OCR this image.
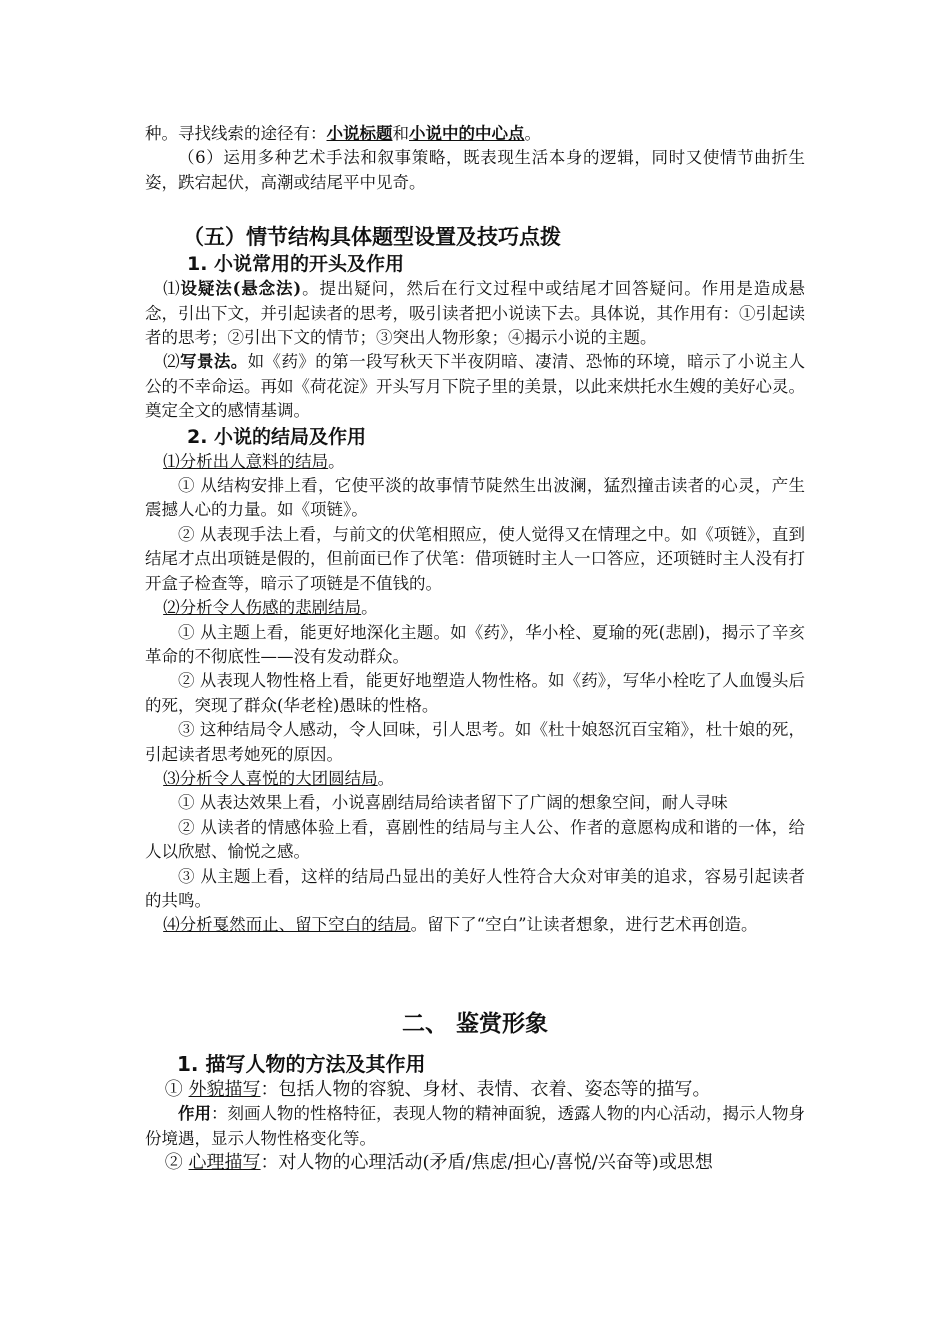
种。寻找线索的途径有：小说标题和小说中的中心点。

（6）运用多种艺术手法和叙事策略，既表现生活本身的逻辑，同时又使情节曲折生姿，跌宕起伏，高潮或结尾平中见奇。

（五）情节结构具体题型设置及技巧点拨
1. 小说常用的开头及作用

⑴设疑法(悬念法)。提出疑问，然后在行文过程中或结尾才回答疑问。作用是造成悬念，引出下文，并引起读者的思考，吸引读者把小说读下去。具体说，其作用有：①引起读者的思考；②引出下文的情节；③突出人物形象；④揭示小说的主题。

⑵写景法。如《药》的第一段写秋天下半夜阴暗、凄清、恐怖的环境，暗示了小说主人公的不幸命运。再如《荷花淀》开头写月下院子里的美景，以此来烘托水生嫂的美好心灵。奠定全文的感情基调。

2. 小说的结局及作用

⑴分析出人意料的结局。

① 从结构安排上看，它使平淡的故事情节陡然生出波澜，猛烈撞击读者的心灵，产生震撼人心的力量。如《项链》。

② 从表现手法上看，与前文的伏笔相照应，使人觉得又在情理之中。如《项链》，直到结尾才点出项链是假的，但前面已作了伏笔：借项链时主人一口答应，还项链时主人没有打开盒子检查等，暗示了项链是不值钱的。

⑵分析令人伤感的悲剧结局。

① 从主题上看，能更好地深化主题。如《药》，华小栓、夏瑜的死(悲剧)，揭示了辛亥革命的不彻底性——没有发动群众。

② 从表现人物性格上看，能更好地塑造人物性格。如《药》，写华小栓吃了人血馒头后的死，突现了群众(华老栓)愚昧的性格。

③ 这种结局令人感动，令人回味，引人思考。如《杜十娘怒沉百宝箱》，杜十娘的死，引起读者思考她死的原因。

⑶分析令人喜悦的大团圆结局。

① 从表达效果上看，小说喜剧结局给读者留下了广阔的想象空间，耐人寻味

② 从读者的情感体验上看，喜剧性的结局与主人公、作者的意愿构成和谐的一体，给人以欣慰、愉悦之感。

③ 从主题上看，这样的结局凸显出的美好人性符合大众对审美的追求，容易引起读者的共鸣。

⑷分析戛然而止、留下空白的结局。留下了“空白”让读者想象，进行艺术再创造。

二、 鉴赏形象
1. 描写人物的方法及其作用

① 外貌描写：包括人物的容貌、身材、表情、衣着、姿态等的描写。

作用：刻画人物的性格特征，表现人物的精神面貌，透露人物的内心活动，揭示人物身份境遇，显示人物性格变化等。

② 心理描写：对人物的心理活动(矛盾/焦虑/担心/喜悦/兴奋等)或思想
